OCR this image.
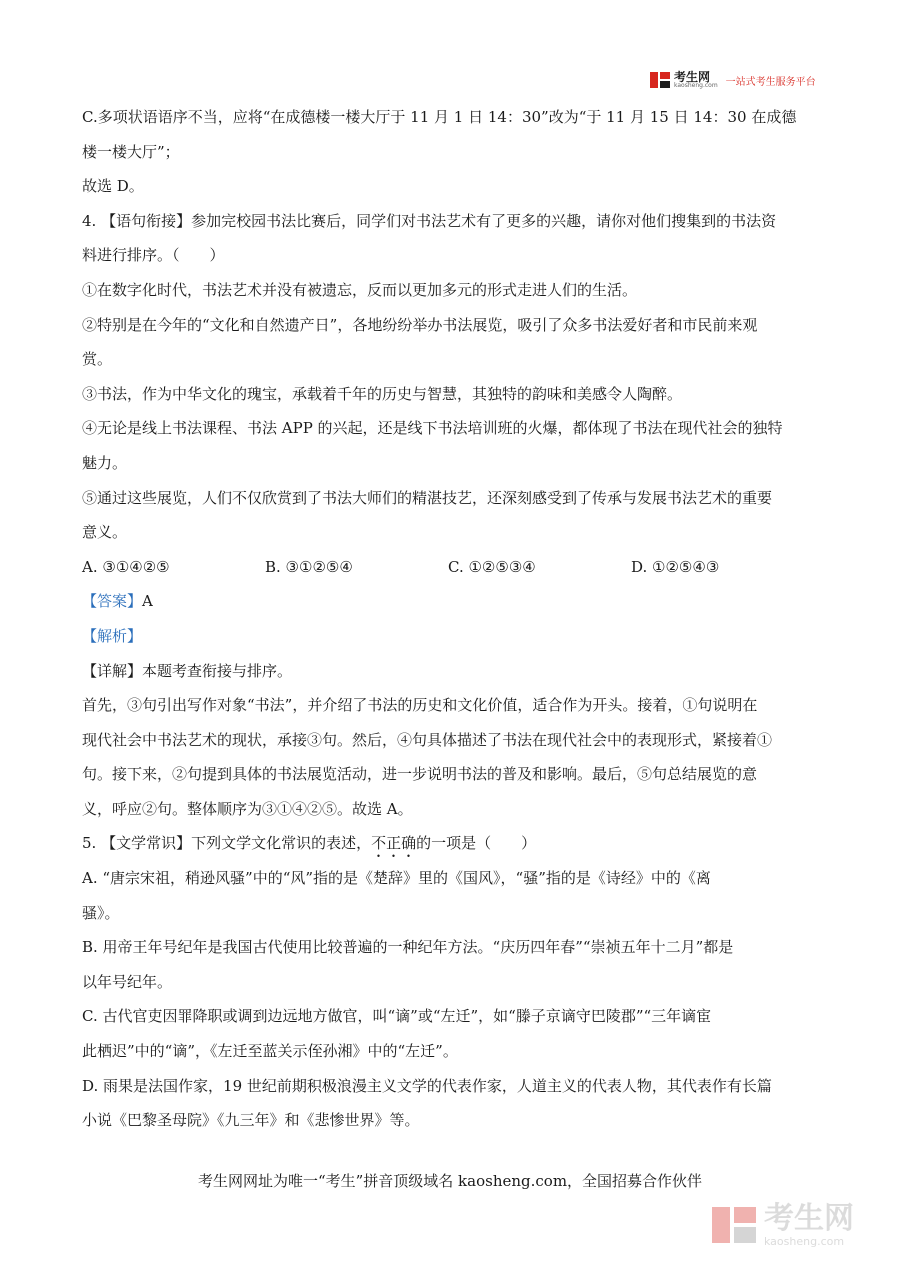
考生网
kaosheng.com 一站式考生服务平台
C.多项状语语序不当，应将“在成德楼一楼大厅于 11 月 1 日 14：30”改为“于 11 月 15 日 14：30 在成德
楼一楼大厅”；
故选 D。
4. 【语句衔接】参加完校园书法比赛后，同学们对书法艺术有了更多的兴趣，请你对他们搜集到的书法资
料进行排序。（　　）
①在数字化时代，书法艺术并没有被遗忘，反而以更加多元的形式走进人们的生活。
②特别是在今年的“文化和自然遗产日”，各地纷纷举办书法展览，吸引了众多书法爱好者和市民前来观
赏。
③书法，作为中华文化的瑰宝，承载着千年的历史与智慧，其独特的韵味和美感令人陶醉。
④无论是线上书法课程、书法 APP 的兴起，还是线下书法培训班的火爆，都体现了书法在现代社会的独特
魅力。
⑤通过这些展览，人们不仅欣赏到了书法大师们的精湛技艺，还深刻感受到了传承与发展书法艺术的重要
意义。
A. ③①④②⑤	B. ③①②⑤④	C. ①②⑤③④	D. ①②⑤④③
【答案】A
【解析】
【详解】本题考查衔接与排序。
首先，③句引出写作对象“书法”，并介绍了书法的历史和文化价值，适合作为开头。接着，①句说明在
现代社会中书法艺术的现状，承接③句。然后，④句具体描述了书法在现代社会中的表现形式，紧接着①
句。接下来，②句提到具体的书法展览活动，进一步说明书法的普及和影响。最后，⑤句总结展览的意
义，呼应②句。整体顺序为③①④②⑤。故选 A。
5. 【文学常识】下列文学文化常识的表述，不正确的一项是（　　）
A. “唐宗宋祖，稍逊风骚”中的“风”指的是《楚辞》里的《国风》，“骚”指的是《诗经》中的《离
骚》。
B. 用帝王年号纪年是我国古代使用比较普遍的一种纪年方法。“庆历四年春”“崇祯五年十二月”都是
以年号纪年。
C. 古代官吏因罪降职或调到边远地方做官，叫“谪”或“左迁”，如“滕子京谪守巴陵郡”“三年谪宦
此栖迟”中的“谪”，《左迁至蓝关示侄孙湘》中的“左迁”。
D. 雨果是法国作家，19 世纪前期积极浪漫主义文学的代表作家，人道主义的代表人物，其代表作有长篇
小说《巴黎圣母院》《九三年》和《悲惨世界》等。
考生网网址为唯一“考生”拼音顶级域名 kaosheng.com，全国招募合作伙伴
考生网
kaosheng.com
